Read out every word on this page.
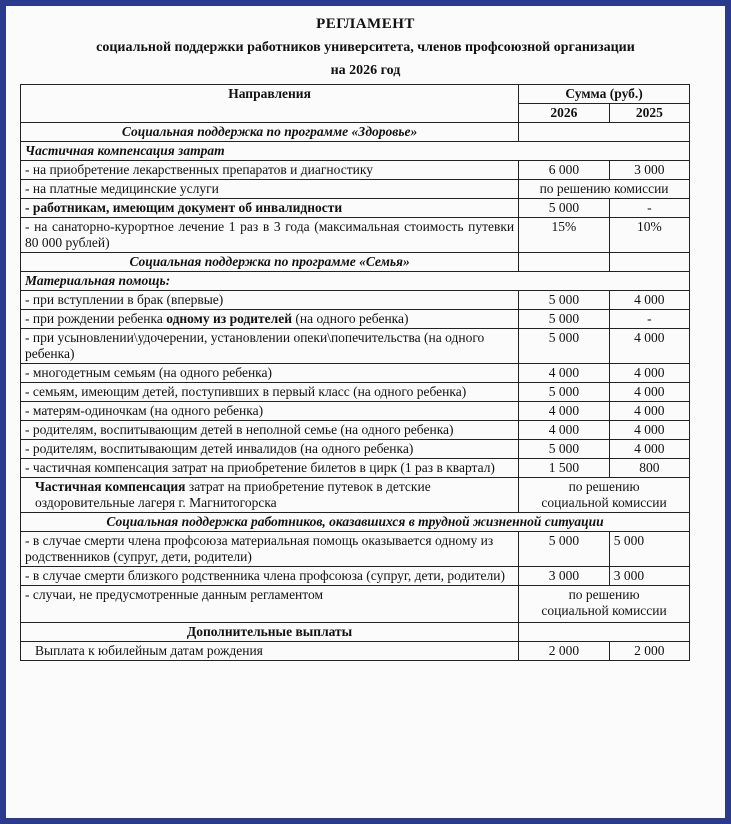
РЕГЛАМЕНТ
социальной поддержки работников университета, членов профсоюзной организации
на 2026 год
Направления	Сумма (руб.)	
	2026	2025
Социальная поддержка по программе «Здоровье»		
Частичная компенсация затрат		
- на приобретение лекарственных препаратов и диагностику	6 000	3 000
- на платные медицинские услуги	по решению комиссии	
- работникам, имеющим документ об инвалидности	5 000	-
- на санаторно-курортное лечение 1 раз в 3 года (максимальная стоимость путевки 80 000 рублей)	15%	10%
Социальная поддержка по программе «Семья»		
Материальная помощь:		
- при вступлении в брак (впервые)	5 000	4 000
- при рождении ребенка одному из родителей (на одного ребенка)	5 000	-
- при усыновлении\удочерении, установлении опеки\попечительства (на одного ребенка)	5 000	4 000
- многодетным семьям (на одного ребенка)	4 000	4 000
- семьям, имеющим детей, поступивших в первый класс (на одного ребенка)	5 000	4 000
- матерям-одиночкам (на одного ребенка)	4 000	4 000
- родителям, воспитывающим детей в неполной семье (на одного ребенка)	4 000	4 000
- родителям, воспитывающим детей инвалидов (на одного ребенка)	5 000	4 000
- частичная компенсация затрат на приобретение билетов в цирк (1 раз в квартал)	1 500	800
Частичная компенсация затрат на приобретение путевок в детские оздоровительные лагеря г. Магнитогорска	по решению социальной комиссии	
Социальная поддержка работников, оказавшихся в трудной жизненной ситуации		
- в случае смерти члена профсоюза материальная помощь оказывается одному из родственников (супруг, дети, родители)	5 000	5 000
- в случае смерти близкого родственника члена профсоюза (супруг, дети, родители)	3 000	3 000
- случаи, не предусмотренные данным регламентом	по решению социальной комиссии	
Дополнительные выплаты		
Выплата к юбилейным датам рождения	2 000	2 000
